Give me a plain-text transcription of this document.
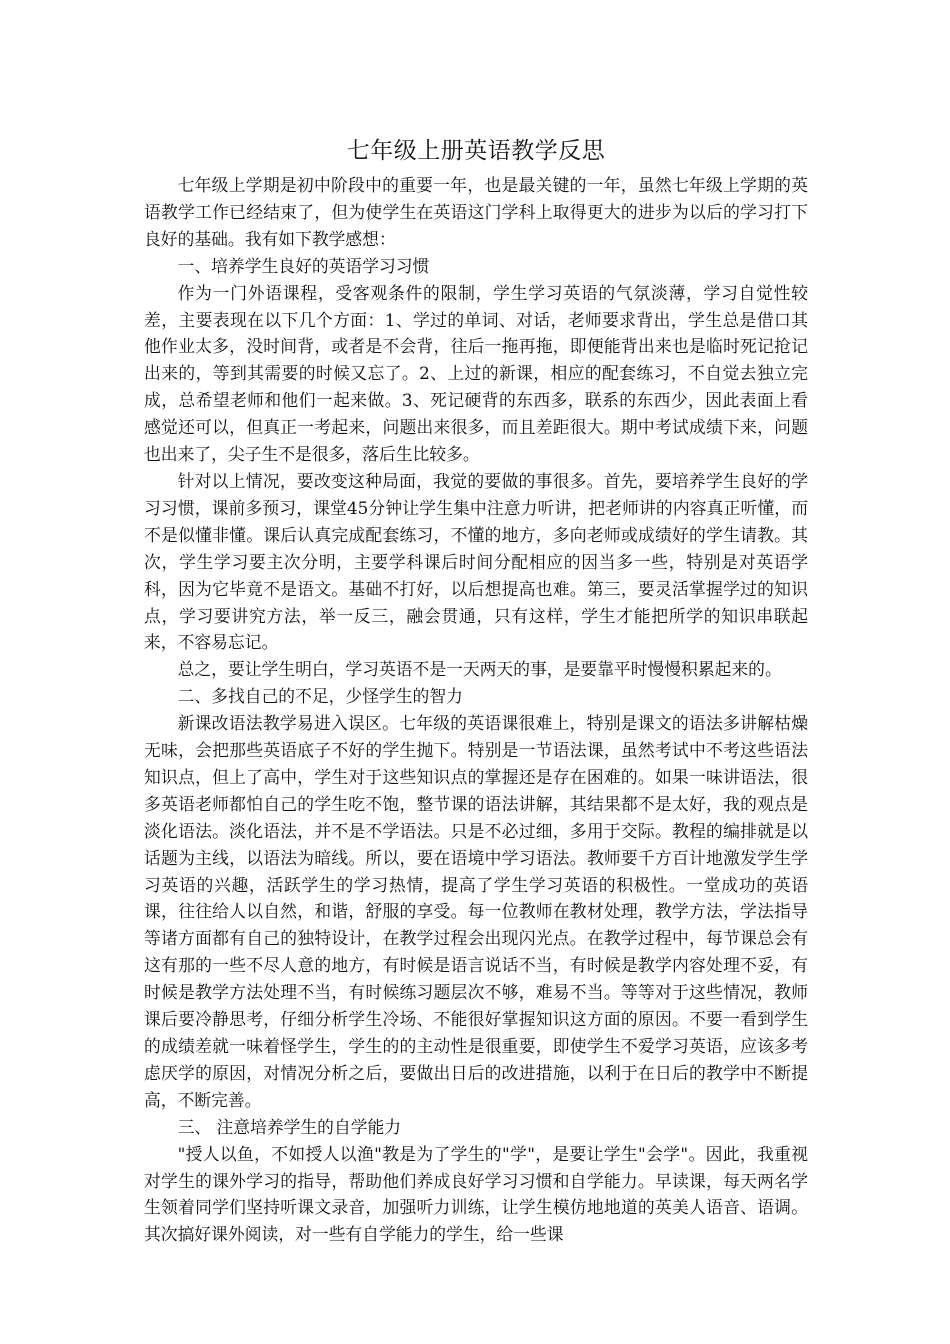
七年级上册英语教学反思

七年级上学期是初中阶段中的重要一年，也是最关键的一年，虽然七年级上学期的英语教学工作已经结束了，但为使学生在英语这门学科上取得更大的进步为以后的学习打下良好的基础。我有如下教学感想：

一、培养学生良好的英语学习习惯

作为一门外语课程，受客观条件的限制，学生学习英语的气氛淡薄，学习自觉性较差，主要表现在以下几个方面：1、学过的单词、对话，老师要求背出，学生总是借口其他作业太多，没时间背，或者是不会背，往后一拖再拖，即便能背出来也是临时死记抢记出来的，等到其需要的时候又忘了。2、上过的新课，相应的配套练习，不自觉去独立完成，总希望老师和他们一起来做。3、死记硬背的东西多，联系的东西少，因此表面上看感觉还可以，但真正一考起来，问题出来很多，而且差距很大。期中考试成绩下来，问题也出来了，尖子生不是很多，落后生比较多。

针对以上情况，要改变这种局面，我觉的要做的事很多。首先，要培养学生良好的学习习惯，课前多预习，课堂45分钟让学生集中注意力听讲，把老师讲的内容真正听懂，而不是似懂非懂。课后认真完成配套练习，不懂的地方，多向老师或成绩好的学生请教。其次，学生学习要主次分明，主要学科课后时间分配相应的因当多一些，特别是对英语学科，因为它毕竟不是语文。基础不打好，以后想提高也难。第三，要灵活掌握学过的知识点，学习要讲究方法，举一反三，融会贯通，只有这样，学生才能把所学的知识串联起来，不容易忘记。

总之，要让学生明白，学习英语不是一天两天的事，是要靠平时慢慢积累起来的。

二、多找自己的不足，少怪学生的智力

新课改语法教学易进入误区。七年级的英语课很难上，特别是课文的语法多讲解枯燥无味，会把那些英语底子不好的学生抛下。特别是一节语法课，虽然考试中不考这些语法知识点，但上了高中，学生对于这些知识点的掌握还是存在困难的。如果一味讲语法，很多英语老师都怕自己的学生吃不饱，整节课的语法讲解，其结果都不是太好，我的观点是淡化语法。淡化语法，并不是不学语法。只是不必过细，多用于交际。教程的编排就是以话题为主线，以语法为暗线。所以，要在语境中学习语法。教师要千方百计地激发学生学习英语的兴趣，活跃学生的学习热情，提高了学生学习英语的积极性。一堂成功的英语课，往往给人以自然，和谐，舒服的享受。每一位教师在教材处理，教学方法，学法指导等诸方面都有自己的独特设计，在教学过程会出现闪光点。在教学过程中，每节课总会有这有那的一些不尽人意的地方，有时候是语言说话不当，有时候是教学内容处理不妥，有时候是教学方法处理不当，有时候练习题层次不够，难易不当。等等对于这些情况，教师课后要冷静思考，仔细分析学生冷场、不能很好掌握知识这方面的原因。不要一看到学生的成绩差就一味着怪学生，学生的的主动性是很重要，即使学生不爱学习英语，应该多考虑厌学的原因，对情况分析之后，要做出日后的改进措施，以利于在日后的教学中不断提高，不断完善。

三、 注意培养学生的自学能力

"授人以鱼，不如授人以渔"教是为了学生的"学"，是要让学生"会学"。因此，我重视对学生的课外学习的指导，帮助他们养成良好学习习惯和自学能力。早读课，每天两名学生领着同学们坚持听课文录音，加强听力训练，让学生模仿地地道的英美人语音、语调。其次搞好课外阅读，对一些有自学能力的学生，给一些课
